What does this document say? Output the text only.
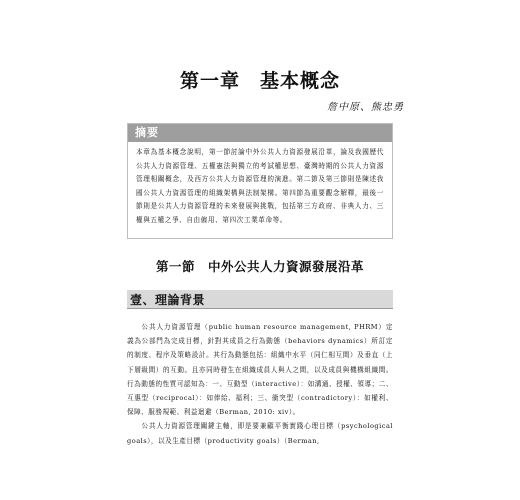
第一章　基本概念
詹中原、熊忠勇
摘要
本章為基本概念說明，第一節討論中外公共人力資源發展沿革，論及我國歷代公共人力資源管理、五權憲法與獨立的考試權思想、臺灣時期的公共人力資源管理相關概念，及西方公共人力資源管理的演進。第二節及第三節則是陳述我國公共人力資源管理的組織架構與法制架構。第四節為重要觀念解釋，最後一節則是公共人力資源管理的未來發展與挑戰，包括第三方政府、非典人力、三權與五權之爭、自由僱用、第四次工業革命等。
第一節　中外公共人力資源發展沿革
壹、理論背景

公共人力資源管理（public human resource management, PHRM）定義為公部門為完成目標，針對其成員之行為動態（behaviors dynamics）所訂定的制度、程序及策略設計。其行為動態包括：組織中水平（同仁相互間）及垂直（上下層級間）的互動。且亦同時發生在組織成員人與人之間，以及成員與機構組織間。行為動態的性質可認知為：一、互動型（interactive）：如溝通、授權、領導；二、互惠型（reciprocal）：如俸給、福利；三、衝突型（contradictory）：如權利、保障、服務規範、利益迴避（Berman, 2010: xiv）。

公共人力資源管理關鍵主軸，即是要兼顧平衡實踐心理目標（psychological goals），以及生產目標（productivity goals）（Berman,
